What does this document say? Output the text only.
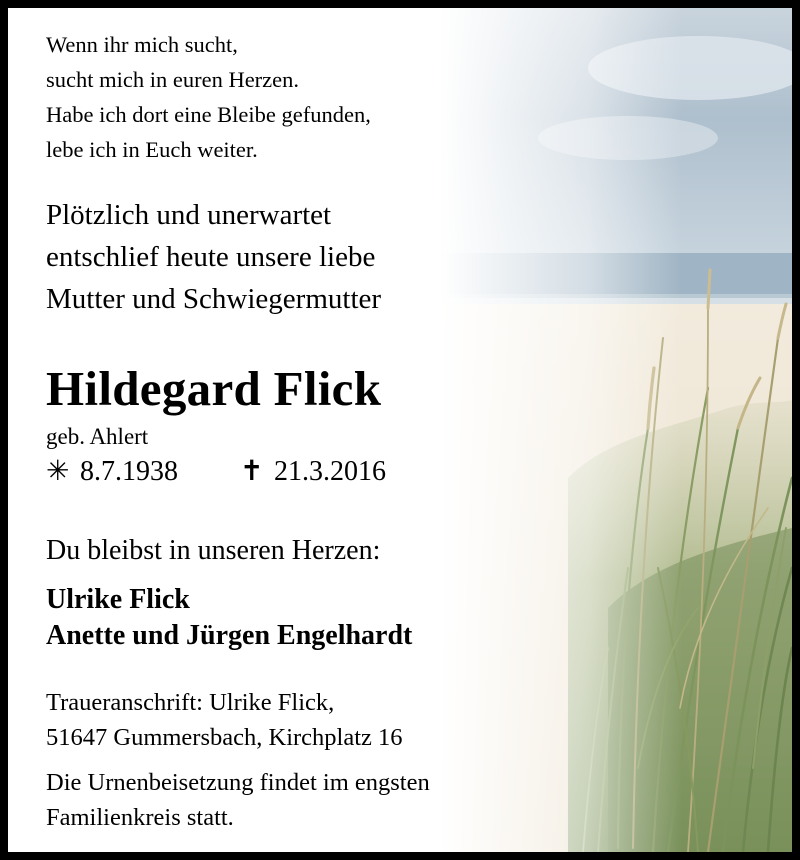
Wenn ihr mich sucht,

sucht mich in euren Herzen.

Habe ich dort eine Bleibe gefunden,

lebe ich in Euch weiter.

Plötzlich und unerwartet

entschlief heute unsere liebe

Mutter und Schwiegermutter

Hildegard Flick

geb. Ahlert

✳ 8.7.1938 ✝ 21.3.2016

Du bleibst in unseren Herzen:

Ulrike Flick

Anette und Jürgen Engelhardt

Traueranschrift: Ulrike Flick,

51647 Gummersbach, Kirchplatz 16

Die Urnenbeisetzung findet im engsten

Familienkreis statt.
